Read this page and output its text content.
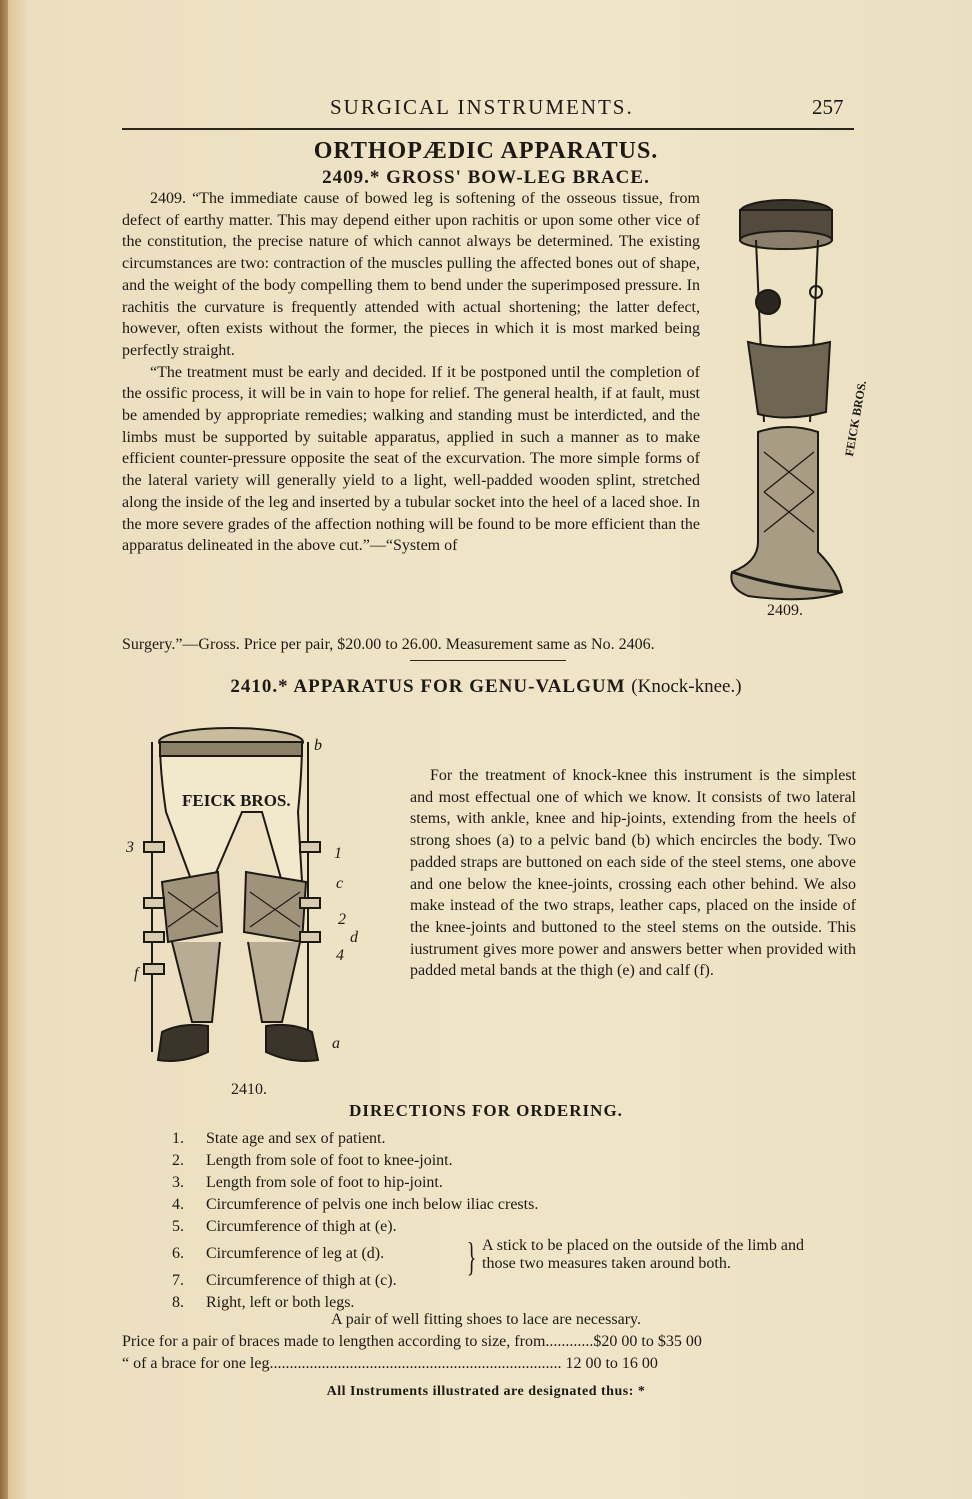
SURGICAL INSTRUMENTS.	257
ORTHOPÆDIC APPARATUS.
2409.* GROSS' BOW-LEG BRACE.
2409. “The immediate cause of bowed leg is softening of the osseous tissue, from defect of earthy matter. This may depend either upon rachitis or upon some other vice of the constitution, the precise nature of which cannot always be determined. The existing circumstances are two: contraction of the muscles pulling the affected bones out of shape, and the weight of the body compelling them to bend under the superimposed pressure. In rachitis the curvature is frequently attended with actual shortening; the latter defect, however, often exists without the former, the pieces in which it is most marked being perfectly straight.
“The treatment must be early and decided. If it be postponed until the completion of the ossific process, it will be in vain to hope for relief. The general health, if at fault, must be amended by appropriate remedies; walking and standing must be interdicted, and the limbs must be supported by suitable apparatus, applied in such a manner as to make efficient counter-pressure opposite the seat of the excurvation. The more simple forms of the lateral variety will generally yield to a light, well-padded wooden splint, stretched along the inside of the leg and inserted by a tubular socket into the heel of a laced shoe. In the more severe grades of the affection nothing will be found to be more efficient than the apparatus delineated in the above cut.”—“System of
Surgery.”—Gross. Price per pair, $20.00 to 26.00. Measurement same as No. 2406.
FEICK BROS.
2409.
2410.* APPARATUS FOR GENU-VALGUM (Knock-knee.)
FEICK BROS.
b
3	1
c
2
d
4
f
a
For the treatment of knock-knee this instrument is the simplest and most effectual one of which we know. It consists of two lateral stems, with ankle, knee and hip-joints, extending from the heels of strong shoes (a) to a pelvic band (b) which encircles the body. Two padded straps are buttoned on each side of the steel stems, one above and one below the knee-joints, crossing each other behind. We also make instead of the two straps, leather caps, placed on the inside of the knee-joints and buttoned to the steel stems on the outside. This iustrument gives more power and answers better when provided with padded metal bands at the thigh (e) and calf (f).
2410.
DIRECTIONS FOR ORDERING.
1. State age and sex of patient.
2. Length from sole of foot to knee-joint.
3. Length from sole of foot to hip-joint.
4. Circumference of pelvis one inch below iliac crests.
5. Circumference of thigh at (e).
6. Circumference of leg at (d).
7. Circumference of thigh at (c).
8. Right, left or both legs.
} A stick to be placed on the outside of the limb and those two measures taken around both.
A pair of well fitting shoes to lace are necessary.
Price for a pair of braces made to lengthen according to size, from............$20 00 to $35 00
“ of a brace for one leg......................................................................... 12 00 to 16 00
All Instruments illustrated are designated thus: *
